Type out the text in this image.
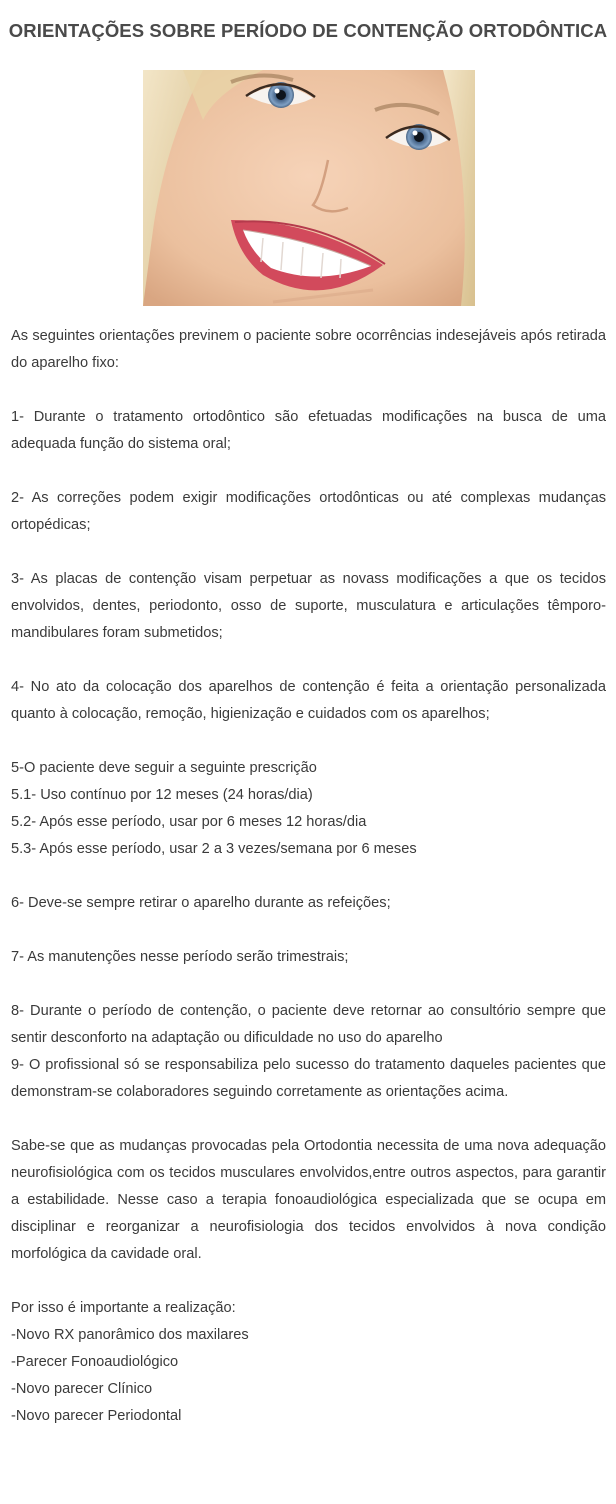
ORIENTAÇÕES SOBRE PERÍODO DE CONTENÇÃO ORTODÔNTICA

As seguintes orientações previnem o paciente sobre ocorrências indesejáveis após retirada do aparelho fixo:

1- Durante o tratamento ortodôntico são efetuadas modificações na busca de uma adequada função do sistema oral;

2- As correções podem exigir modificações ortodônticas ou até complexas mudanças ortopédicas;

3- As placas de contenção visam perpetuar as novass modificações a que os tecidos envolvidos, dentes, periodonto, osso de suporte, musculatura e articulações têmporo-mandibulares foram submetidos;

4- No ato da colocação dos aparelhos de contenção é feita a orientação personalizada quanto à colocação, remoção, higienização e cuidados com os aparelhos;

5-O paciente deve seguir a seguinte prescrição

5.1- Uso contínuo por 12 meses (24 horas/dia)

5.2- Após esse período, usar por 6 meses 12 horas/dia

5.3- Após esse período, usar 2 a 3 vezes/semana por 6 meses

6- Deve-se sempre retirar o aparelho durante as refeições;

7- As manutenções nesse período serão trimestrais;

8- Durante o período de contenção, o paciente deve retornar ao consultório sempre que sentir desconforto na adaptação ou dificuldade no uso do aparelho

9- O profissional só se responsabiliza pelo sucesso do tratamento daqueles pacientes que demonstram-se colaboradores seguindo corretamente as orientações acima.

Sabe-se que as mudanças provocadas pela Ortodontia necessita de uma nova adequação neurofisiológica com os tecidos musculares envolvidos,entre outros aspectos, para garantir a estabilidade. Nesse caso a terapia fonoaudiológica especializada que se ocupa em disciplinar e reorganizar a neurofisiologia dos tecidos envolvidos à nova condição morfológica da cavidade oral.

Por isso é importante a realização:

-Novo RX panorâmico dos maxilares

-Parecer Fonoaudiológico

-Novo parecer Clínico

-Novo parecer Periodontal
